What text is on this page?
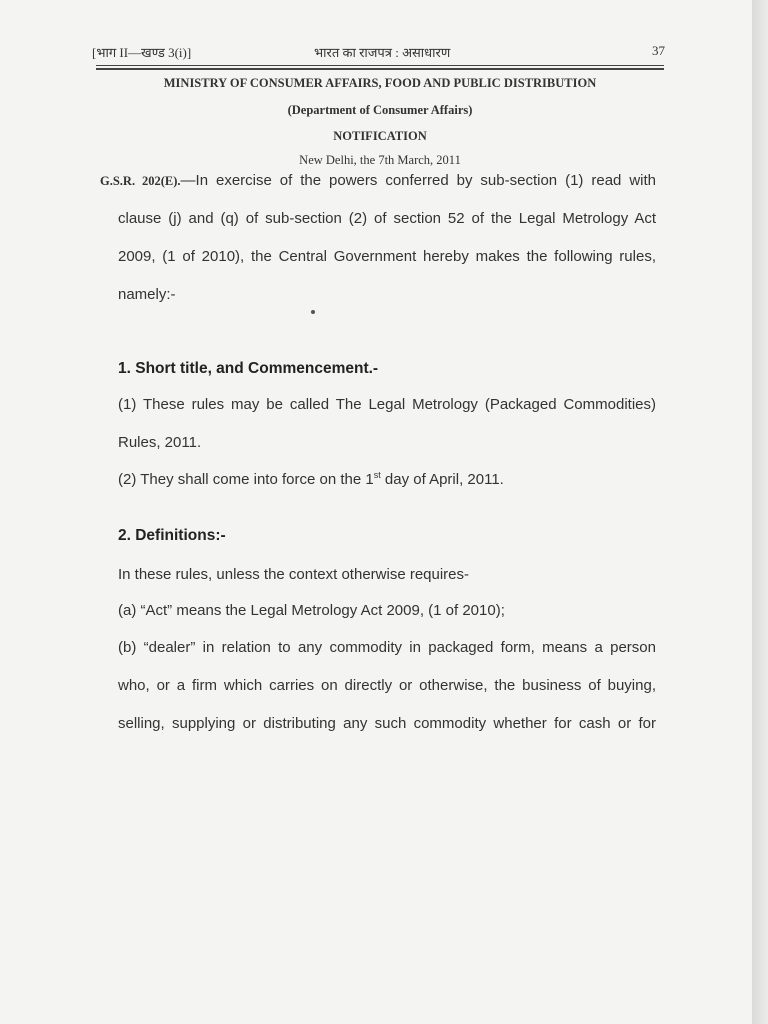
[भाग II—खण्ड 3(i)]	भारत का राजपत्र : असाधारण	37
MINISTRY OF CONSUMER AFFAIRS, FOOD AND PUBLIC DISTRIBUTION
(Department of Consumer Affairs)
NOTIFICATION
New Delhi, the 7th March, 2011
G.S.R. 202(E).—In exercise of the powers conferred by sub-section (1) read with
clause (j) and (q) of sub-section (2) of section 52 of the Legal Metrology Act
2009, (1 of 2010), the Central Government hereby makes the following rules,
namely:-
1. Short title, and Commencement.-
(1) These rules may be called The Legal Metrology (Packaged Commodities)
Rules, 2011.
(2) They shall come into force on the 1st day of April, 2011.
2. Definitions:-
In these rules, unless the context otherwise requires-
(a) “Act” means the Legal Metrology Act 2009, (1 of 2010);
(b) “dealer” in relation to any commodity in packaged form, means a person
who, or a firm which carries on directly or otherwise, the business of buying,
selling, supplying or distributing any such commodity whether for cash or for
